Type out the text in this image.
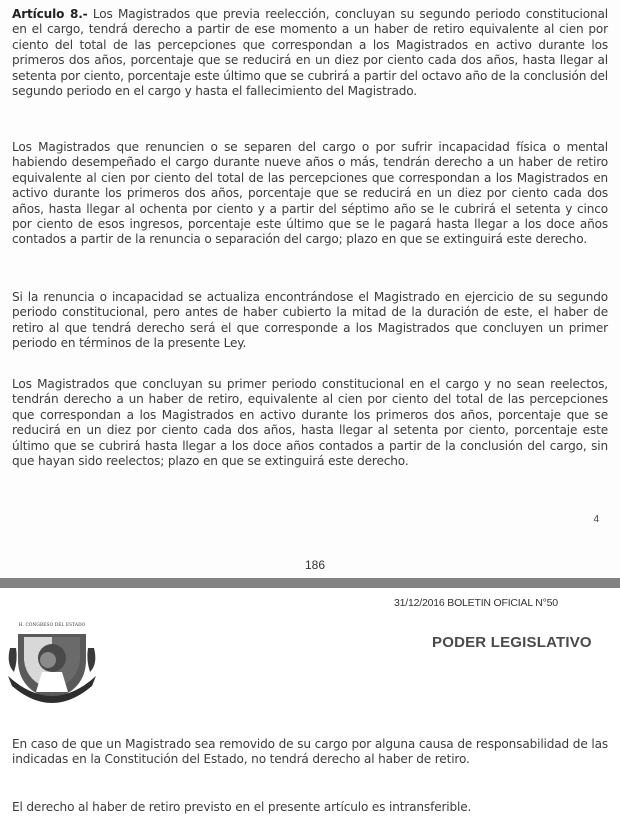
Artículo 8.- Los Magistrados que previa reelección, concluyan su segundo periodo constitucional en el cargo, tendrá derecho a partir de ese momento a un haber de retiro equivalente al cien por ciento del total de las percepciones que correspondan a los Magistrados en activo durante los primeros dos años, porcentaje que se reducirá en un diez por ciento cada dos años, hasta llegar al setenta por ciento, porcentaje este último que se cubrirá a partir del octavo año de la conclusión del segundo periodo en el cargo y hasta el fallecimiento del Magistrado.

Los Magistrados que renuncien o se separen del cargo o por sufrir incapacidad física o mental habiendo desempeñado el cargo durante nueve años o más, tendrán derecho a un haber de retiro equivalente al cien por ciento del total de las percepciones que correspondan a los Magistrados en activo durante los primeros dos años, porcentaje que se reducirá en un diez por ciento cada dos años, hasta llegar al ochenta por ciento y a partir del séptimo año se le cubrirá el setenta y cinco por ciento de esos ingresos, porcentaje este último que se le pagará hasta llegar a los doce años contados a partir de la renuncia o separación del cargo; plazo en que se extinguirá este derecho.

Si la renuncia o incapacidad se actualiza encontrándose el Magistrado en ejercicio de su segundo periodo constitucional, pero antes de haber cubierto la mitad de la duración de este, el haber de retiro al que tendrá derecho será el que corresponde a los Magistrados que concluyen un primer periodo en términos de la presente Ley.

Los Magistrados que concluyan su primer periodo constitucional en el cargo y no sean reelectos, tendrán derecho a un haber de retiro, equivalente al cien por ciento del total de las percepciones que correspondan a los Magistrados en activo durante los primeros dos años, porcentaje que se reducirá en un diez por ciento cada dos años, hasta llegar al setenta por ciento, porcentaje este último que se cubrirá hasta llegar a los doce años contados a partir de la conclusión del cargo, sin que hayan sido reelectos; plazo en que se extinguirá este derecho.

4
186
31/12/2016 BOLETIN OFICIAL N°50
PODER LEGISLATIVO
H. CONGRESO DEL ESTADO

En caso de que un Magistrado sea removido de su cargo por alguna causa de responsabilidad de las indicadas en la Constitución del Estado, no tendrá derecho al haber de retiro.

El derecho al haber de retiro previsto en el presente artículo es intransferible.
